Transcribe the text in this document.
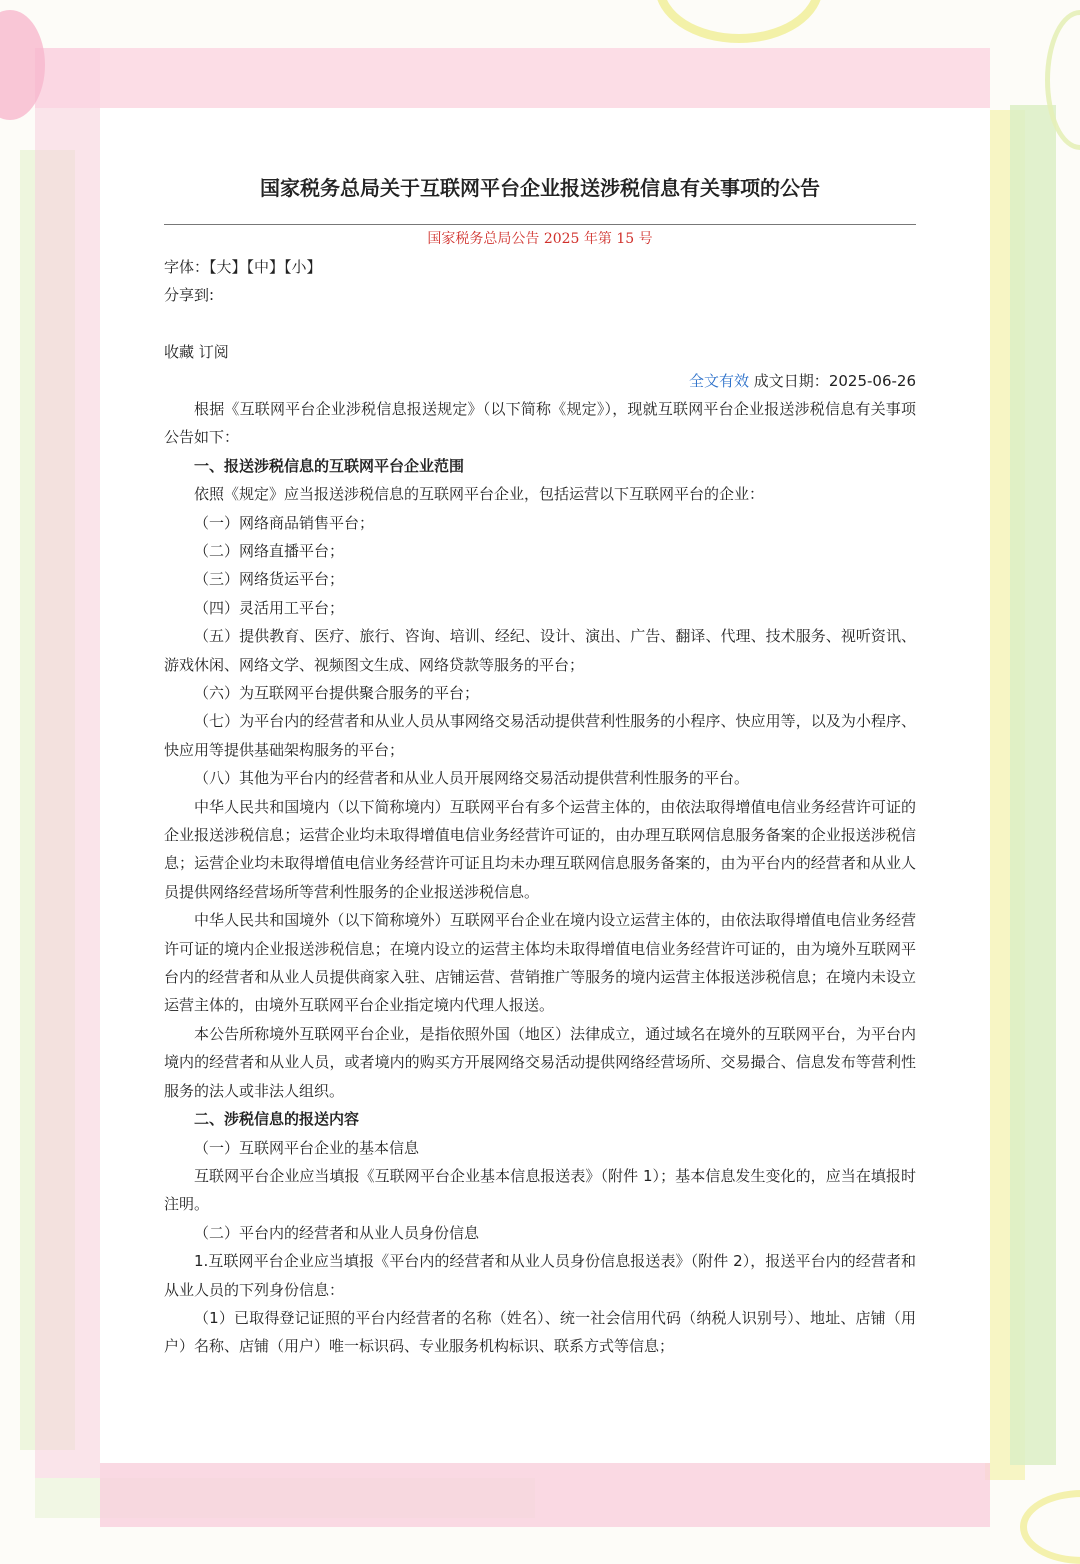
国家税务总局关于互联网平台企业报送涉税信息有关事项的公告
国家税务总局公告 2025 年第 15 号
字体：【大】【中】【小】
分享到:
收藏 订阅
全文有效 成文日期：2025-06-26

根据《互联网平台企业涉税信息报送规定》（以下简称《规定》），现就互联网平台企业报送涉税信息有关事项公告如下：

一、报送涉税信息的互联网平台企业范围

依照《规定》应当报送涉税信息的互联网平台企业，包括运营以下互联网平台的企业：

（一）网络商品销售平台；

（二）网络直播平台；

（三）网络货运平台；

（四）灵活用工平台；

（五）提供教育、医疗、旅行、咨询、培训、经纪、设计、演出、广告、翻译、代理、技术服务、视听资讯、游戏休闲、网络文学、视频图文生成、网络贷款等服务的平台；

（六）为互联网平台提供聚合服务的平台；

（七）为平台内的经营者和从业人员从事网络交易活动提供营利性服务的小程序、快应用等，以及为小程序、快应用等提供基础架构服务的平台；

（八）其他为平台内的经营者和从业人员开展网络交易活动提供营利性服务的平台。

中华人民共和国境内（以下简称境内）互联网平台有多个运营主体的，由依法取得增值电信业务经营许可证的企业报送涉税信息；运营企业均未取得增值电信业务经营许可证的，由办理互联网信息服务备案的企业报送涉税信息；运营企业均未取得增值电信业务经营许可证且均未办理互联网信息服务备案的，由为平台内的经营者和从业人员提供网络经营场所等营利性服务的企业报送涉税信息。

中华人民共和国境外（以下简称境外）互联网平台企业在境内设立运营主体的，由依法取得增值电信业务经营许可证的境内企业报送涉税信息；在境内设立的运营主体均未取得增值电信业务经营许可证的，由为境外互联网平台内的经营者和从业人员提供商家入驻、店铺运营、营销推广等服务的境内运营主体报送涉税信息；在境内未设立运营主体的，由境外互联网平台企业指定境内代理人报送。

本公告所称境外互联网平台企业，是指依照外国（地区）法律成立，通过域名在境外的互联网平台，为平台内境内的经营者和从业人员，或者境内的购买方开展网络交易活动提供网络经营场所、交易撮合、信息发布等营利性服务的法人或非法人组织。

二、涉税信息的报送内容

（一）互联网平台企业的基本信息

互联网平台企业应当填报《互联网平台企业基本信息报送表》（附件 1）；基本信息发生变化的，应当在填报时注明。

（二）平台内的经营者和从业人员身份信息

1.互联网平台企业应当填报《平台内的经营者和从业人员身份信息报送表》（附件 2），报送平台内的经营者和从业人员的下列身份信息：

（1）已取得登记证照的平台内经营者的名称（姓名）、统一社会信用代码（纳税人识别号）、地址、店铺（用户）名称、店铺（用户）唯一标识码、专业服务机构标识、联系方式等信息；
